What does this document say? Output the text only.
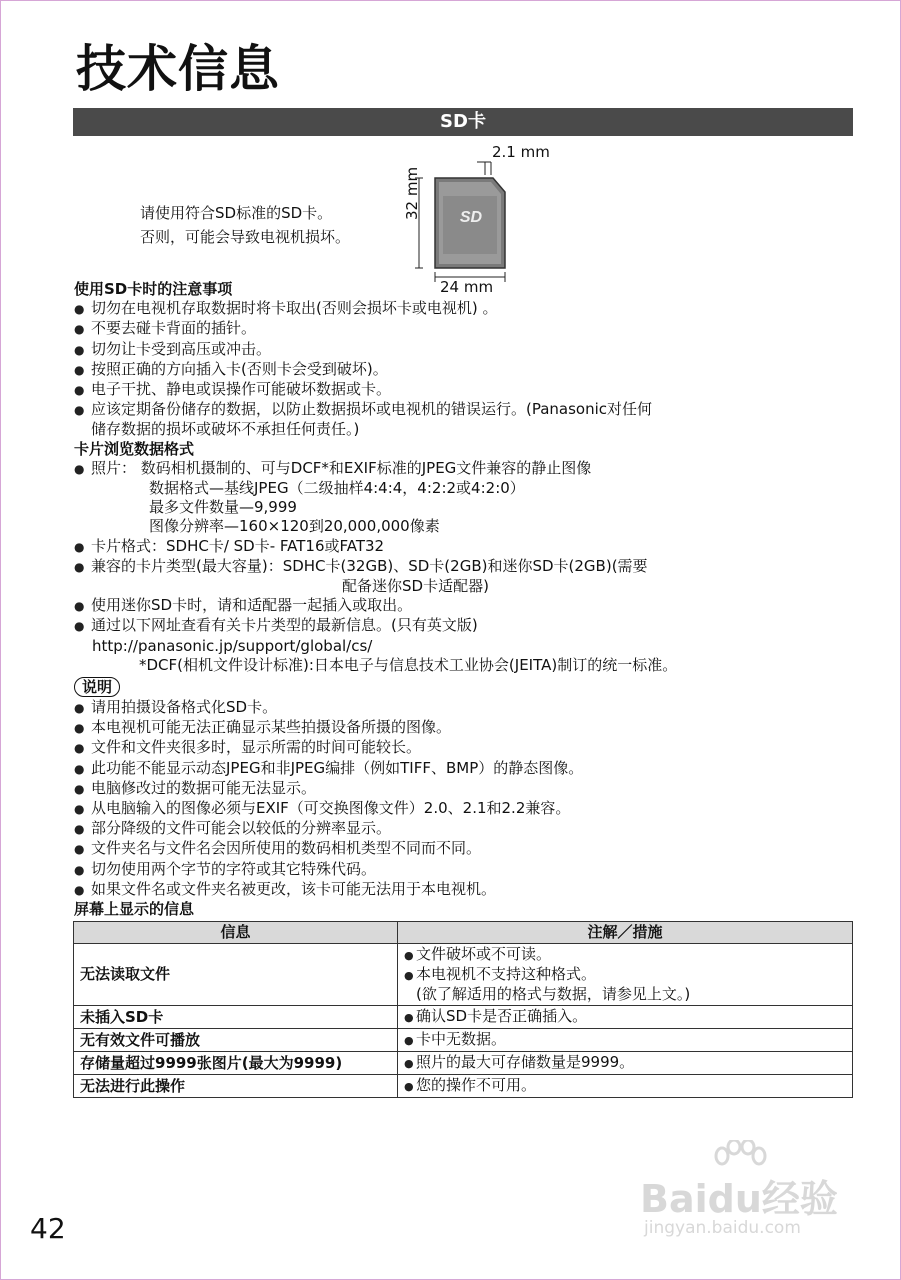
技术信息
SD卡
请使用符合SD标准的SD卡。
否则，可能会导致电视机损坏。
SD
2.1 mm
24 mm
32 mm
使用SD卡时的注意事项
● 切勿在电视机存取数据时将卡取出(否则会损坏卡或电视机) 。
● 不要去碰卡背面的插针。
● 切勿让卡受到高压或冲击。
● 按照正确的方向插入卡(否则卡会受到破坏)。
● 电子干扰、静电或误操作可能破坏数据或卡。
● 应该定期备份储存的数据，以防止数据损坏或电视机的错误运行。(Panasonic对任何
储存数据的损坏或破坏不承担任何责任。)
卡片浏览数据格式
● 照片： 数码相机摄制的、可与DCF*和EXIF标准的JPEG文件兼容的静止图像
数据格式—基线JPEG（二级抽样4:4:4，4:2:2或4:2:0）
最多文件数量—9,999
图像分辨率—160×120到20,000,000像素
● 卡片格式：SDHC卡/ SD卡- FAT16或FAT32
● 兼容的卡片类型(最大容量)：SDHC卡(32GB)、SD卡(2GB)和迷你SD卡(2GB)(需要
配备迷你SD卡适配器)
● 使用迷你SD卡时，请和适配器一起插入或取出。
● 通过以下网址查看有关卡片类型的最新信息。(只有英文版)
http://panasonic.jp/support/global/cs/
*DCF(相机文件设计标准):日本电子与信息技术工业协会(JEITA)制订的统一标准。
说明
● 请用拍摄设备格式化SD卡。
● 本电视机可能无法正确显示某些拍摄设备所摄的图像。
● 文件和文件夹很多时，显示所需的时间可能较长。
● 此功能不能显示动态JPEG和非JPEG编排（例如TIFF、BMP）的静态图像。
● 电脑修改过的数据可能无法显示。
● 从电脑输入的图像必须与EXIF（可交换图像文件）2.0、2.1和2.2兼容。
● 部分降级的文件可能会以较低的分辨率显示。
● 文件夹名与文件名会因所使用的数码相机类型不同而不同。
● 切勿使用两个字节的字符或其它特殊代码。
● 如果文件名或文件夹名被更改，该卡可能无法用于本电视机。
屏幕上显示的信息
信息	注解／措施
无法读取文件	● 文件破坏或不可读。
● 本电视机不支持这种格式。
(欲了解适用的格式与数据，请参见上文。)

未插入SD卡	● 确认SD卡是否正确插入。

无有效文件可播放	● 卡中无数据。

存储量超过9999张图片(最大为9999)	● 照片的最大可存储数量是9999。

无法进行此操作	● 您的操作不可用。
Baidu经验
jingyan.baidu.com
42
